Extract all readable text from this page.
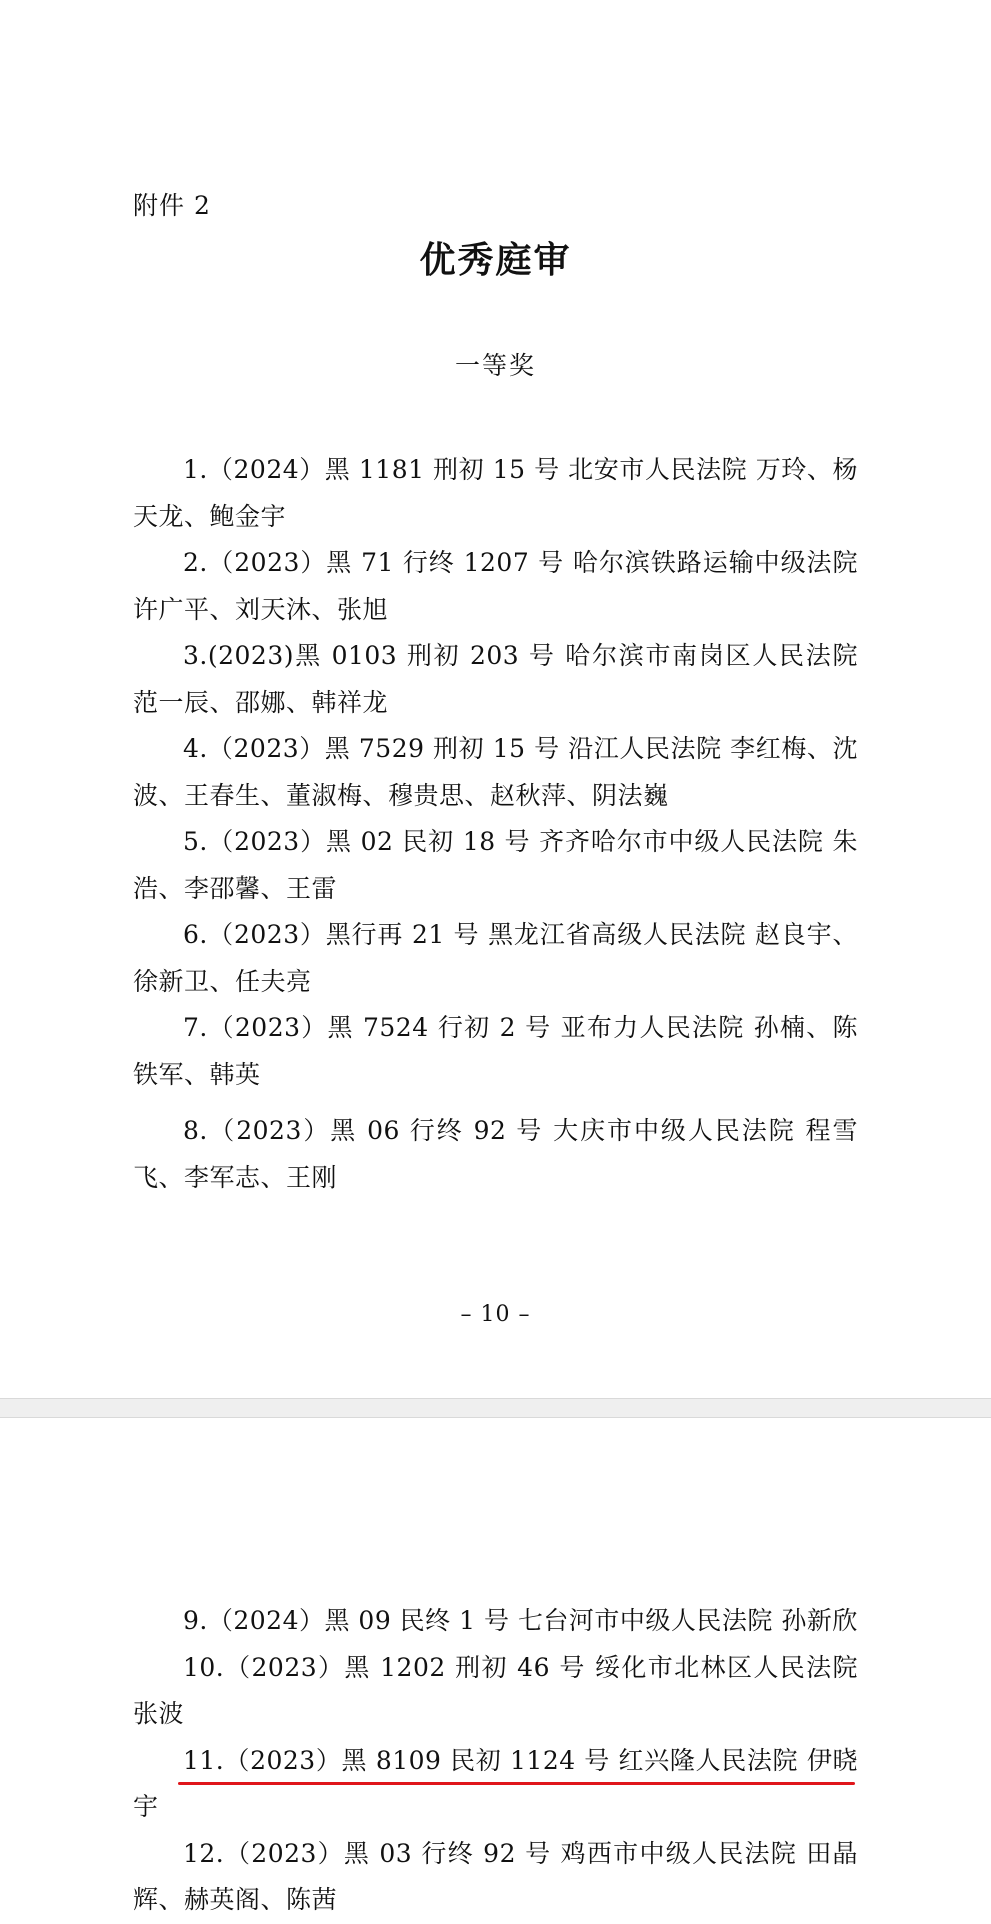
附件 2
优秀庭审
一等奖

1.（2024）黑 1181 刑初 15 号 北安市人民法院 万玲、杨天龙、鲍金宇

2.（2023）黑 71 行终 1207 号 哈尔滨铁路运输中级法院 许广平、刘天沐、张旭

3.(2023)黑 0103 刑初 203 号 哈尔滨市南岗区人民法院 范一辰、邵娜、韩祥龙

4.（2023）黑 7529 刑初 15 号 沿江人民法院 李红梅、沈波、王春生、董淑梅、穆贵思、赵秋萍、阴法巍

5.（2023）黑 02 民初 18 号 齐齐哈尔市中级人民法院 朱浩、李邵馨、王雷

6.（2023）黑行再 21 号 黑龙江省高级人民法院 赵良宇、徐新卫、任夫亮

7.（2023）黑 7524 行初 2 号 亚布力人民法院 孙楠、陈铁军、韩英

8.（2023）黑 06 行终 92 号 大庆市中级人民法院 程雪飞、李军志、王刚

– 10 –

9.（2024）黑 09 民终 1 号 七台河市中级人民法院 孙新欣

10.（2023）黑 1202 刑初 46 号 绥化市北林区人民法院 张波

11.（2023）黑 8109 民初 1124 号 红兴隆人民法院 伊晓宇

12.（2023）黑 03 行终 92 号 鸡西市中级人民法院 田晶辉、赫英阁、陈茜
